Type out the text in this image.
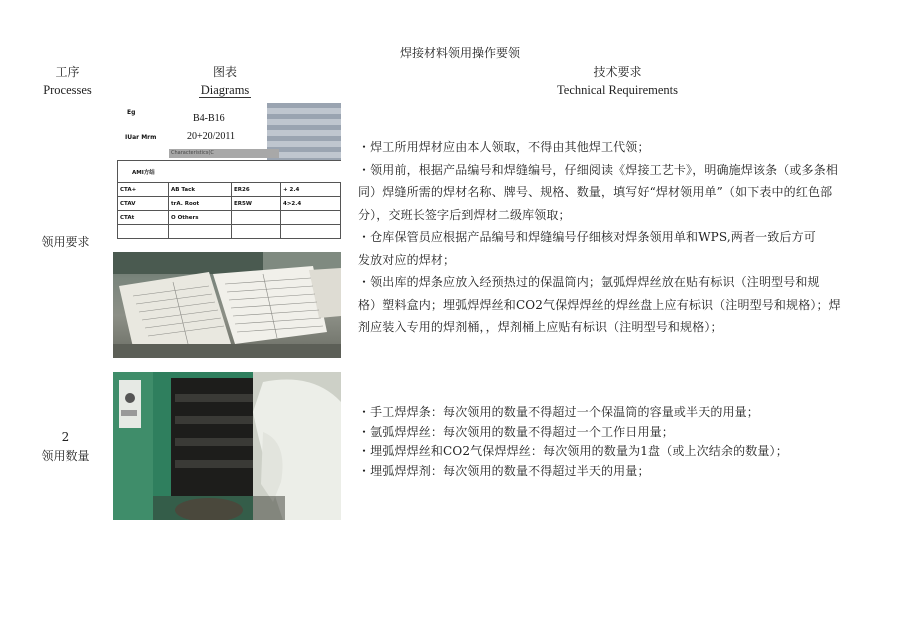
焊接材料领用操作要领
工序
Processes
图表
Diagrams
技术要求
Technical Requirements
Eg
B4-B16
IUar Mrm	20+20/2011
Characteristics(C
AMI方结			
CTA+	AB Tack	ER26	+ 2.4
CTAV	trA. Root	ER5W	4>2.4
CTAt	O Others		

领用要求
・焊工所用焊材应由本人领取，不得由其他焊工代领；
・领用前，根据产品编号和焊缝编号，仔细阅读《焊接工艺卡》，明确施焊该条（或多条相
同）焊缝所需的焊材名称、牌号、规格、数量，填写好“焊材领用单”（如下表中的红色部
分），交班长签字后到焊材二级库领取；
・仓库保管员应根据产品编号和焊缝编号仔细核对焊条领用单和WPS,两者一致后方可
发放对应的焊材；
・领出库的焊条应放入经预热过的保温筒内；氩弧焊焊丝放在贴有标识（注明型号和规
格）塑料盒内；埋弧焊焊丝和CO2气保焊焊丝的焊丝盘上应有标识（注明型号和规格）；焊
剂应装入专用的焊剂桶，，焊剂桶上应贴有标识（注明型号和规格）；
2
领用数量
・手工焊焊条：每次领用的数量不得超过一个保温筒的容量或半天的用量；
・氩弧焊焊丝：每次领用的数量不得超过一个工作日用量；
・埋弧焊焊丝和CO2气保焊焊丝：每次领用的数量为1盘（或上次结余的数量）；
・埋弧焊焊剂：每次领用的数量不得超过半天的用量；
